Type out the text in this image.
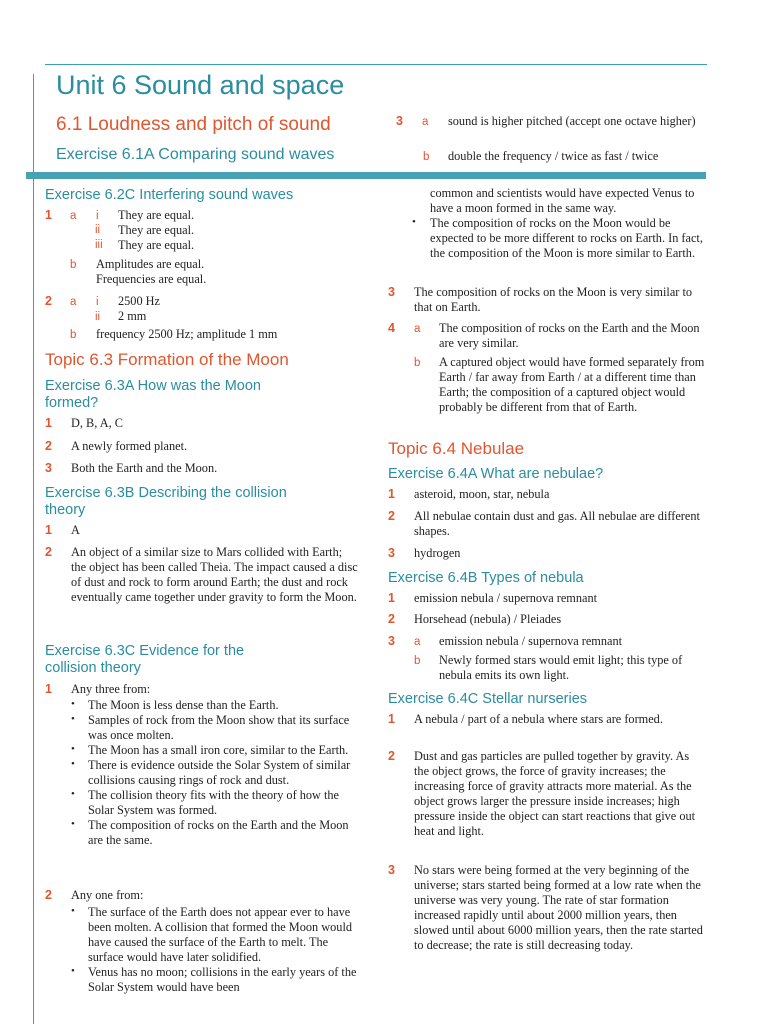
Unit 6 Sound and space
6.1 Loudness and pitch of sound
Exercise 6.1A Comparing sound waves
3 a sound is higher pitched (accept one octave higher)
b double the frequency / twice as fast / twice
Exercise 6.2C Interfering sound waves
1 a i They are equal.
ii They are equal.
iii They are equal.
b Amplitudes are equal. Frequencies are equal.
2 a i 2500 Hz
ii 2 mm
b frequency 2500 Hz; amplitude 1 mm
Topic 6.3 Formation of the Moon
Exercise 6.3A How was the Moon formed?
1 D, B, A, C
2 A newly formed planet.
3 Both the Earth and the Moon.
Exercise 6.3B Describing the collision theory
1 A
2 An object of a similar size to Mars collided with Earth; the object has been called Theia. The impact caused a disc of dust and rock to form around Earth; the dust and rock eventually came together under gravity to form the Moon.
Exercise 6.3C Evidence for the collision theory
1 Any three from:
•	The Moon is less dense than the Earth.
•	Samples of rock from the Moon show that its surface was once molten.
•	The Moon has a small iron core, similar to the Earth.
•	There is evidence outside the Solar System of similar collisions causing rings of rock and dust.
•	The collision theory fits with the theory of how the Solar System was formed.
•	The composition of rocks on the Earth and the Moon are the same.
2 Any one from:
•	The surface of the Earth does not appear ever to have been molten. A collision that formed the Moon would have caused the surface of the Earth to melt. The surface would have later solidified.
•	Venus has no moon; collisions in the early years of the Solar System would have been
common and scientists would have expected Venus to have a moon formed in the same way.
•	The composition of rocks on the Moon would be expected to be more different to rocks on Earth. In fact, the composition of the Moon is more similar to Earth.
3 The composition of rocks on the Moon is very similar to that on Earth.
4 a The composition of rocks on the Earth and the Moon are very similar.
b A captured object would have formed separately from Earth / far away from Earth / at a different time than Earth; the composition of a captured object would probably be different from that of Earth.
Topic 6.4 Nebulae
Exercise 6.4A What are nebulae?
1 asteroid, moon, star, nebula
2 All nebulae contain dust and gas. All nebulae are different shapes.
3 hydrogen
Exercise 6.4B Types of nebula
1 emission nebula / supernova remnant
2 Horsehead (nebula) / Pleiades
3 a emission nebula / supernova remnant
b Newly formed stars would emit light; this type of nebula emits its own light.
Exercise 6.4C Stellar nurseries
1 A nebula / part of a nebula where stars are formed.
2 Dust and gas particles are pulled together by gravity. As the object grows, the force of gravity increases; the increasing force of gravity attracts more material. As the object grows larger the pressure inside increases; high pressure inside the object can start reactions that give out heat and light.
3 No stars were being formed at the very beginning of the universe; stars started being formed at a low rate when the universe was very young. The rate of star formation increased rapidly until about 2000 million years, then slowed until about 6000 million years, then the rate started to decrease; the rate is still decreasing today.
